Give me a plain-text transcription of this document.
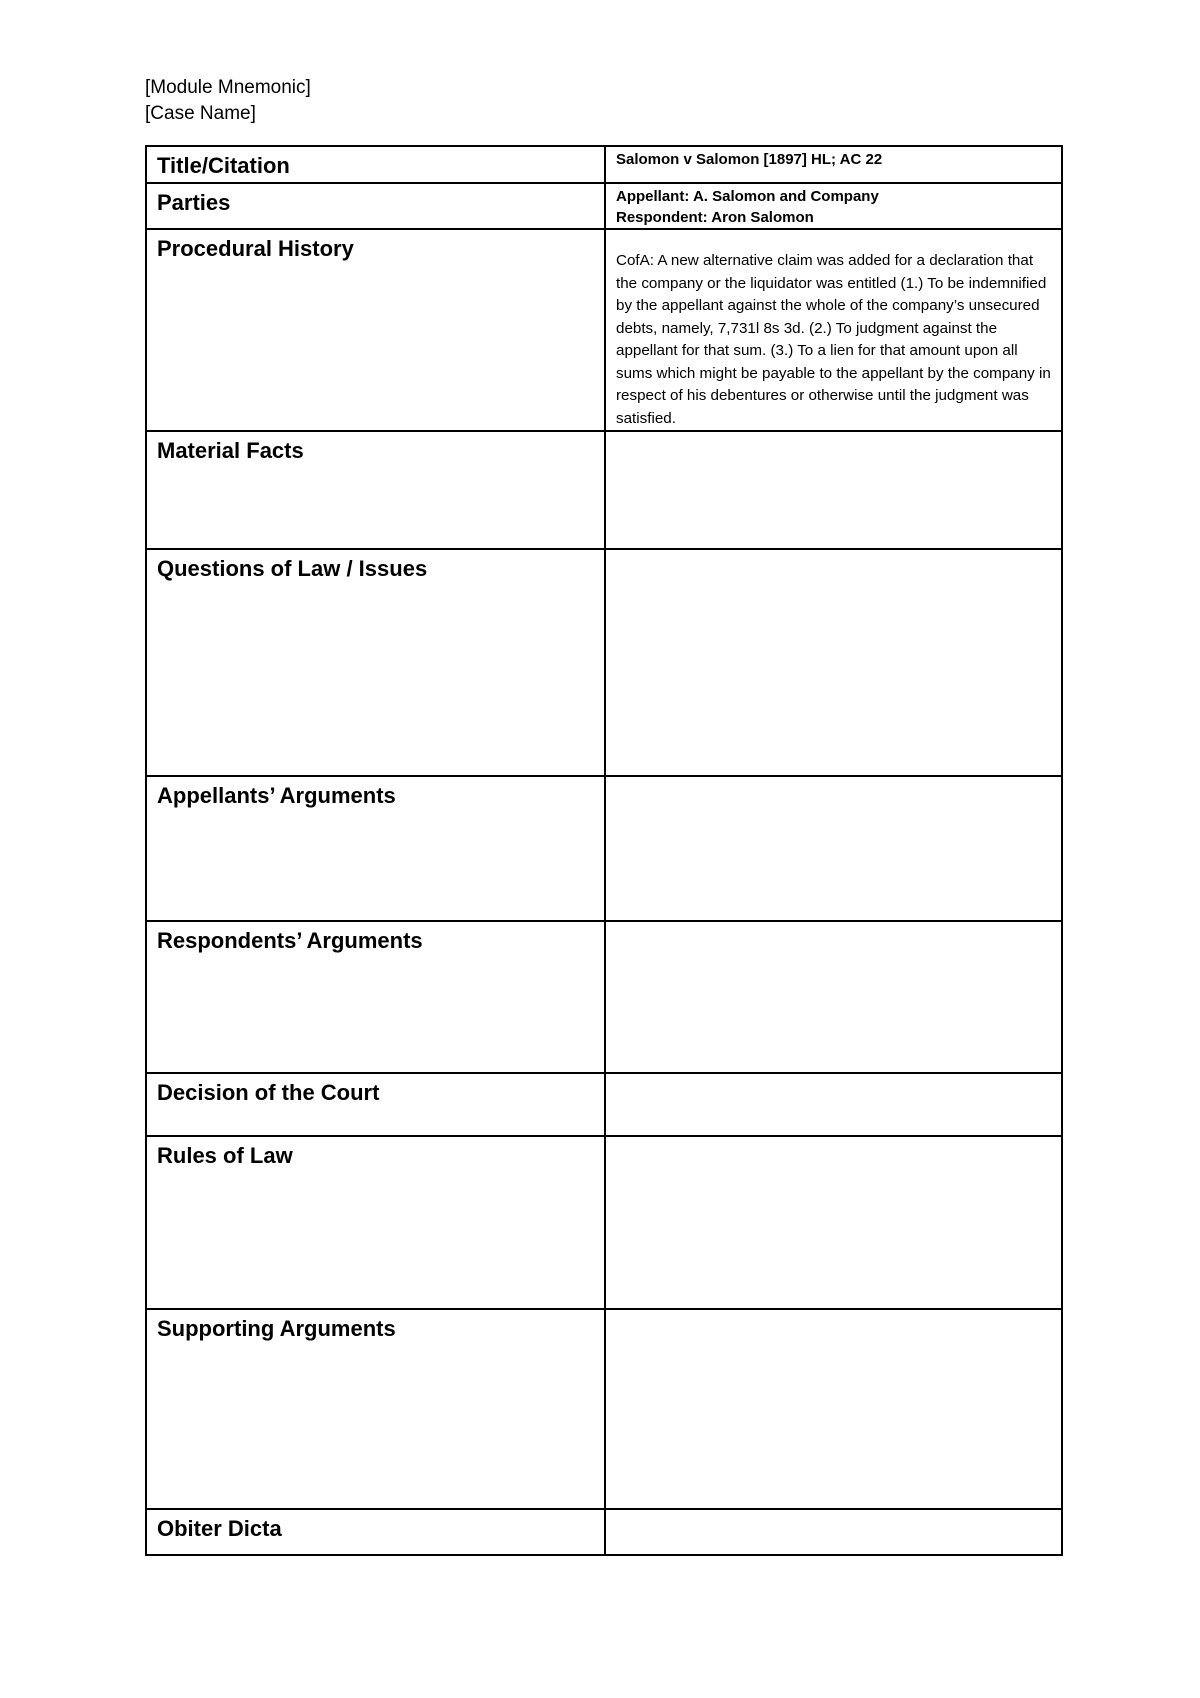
[Module Mnemonic]
[Case Name]
Title/Citation	Salomon v Salomon [1897] HL; AC 22

Parties	Appellant: A. Salomon and Company
Respondent: Aron Salomon

Procedural History	CofA: A new alternative claim was added for a declaration that the company or the liquidator was entitled (1.) To be indemnified by the appellant against the whole of the company’s unsecured debts, namely, 7,731l 8s 3d. (2.) To judgment against the appellant for that sum. (3.) To a lien for that amount upon all sums which might be payable to the appellant by the company in respect of his debentures or otherwise until the judgment was satisfied.

Material Facts	

Questions of Law / Issues	

Appellants’ Arguments	

Respondents’ Arguments	

Decision of the Court	

Rules of Law	

Supporting Arguments	

Obiter Dicta	
